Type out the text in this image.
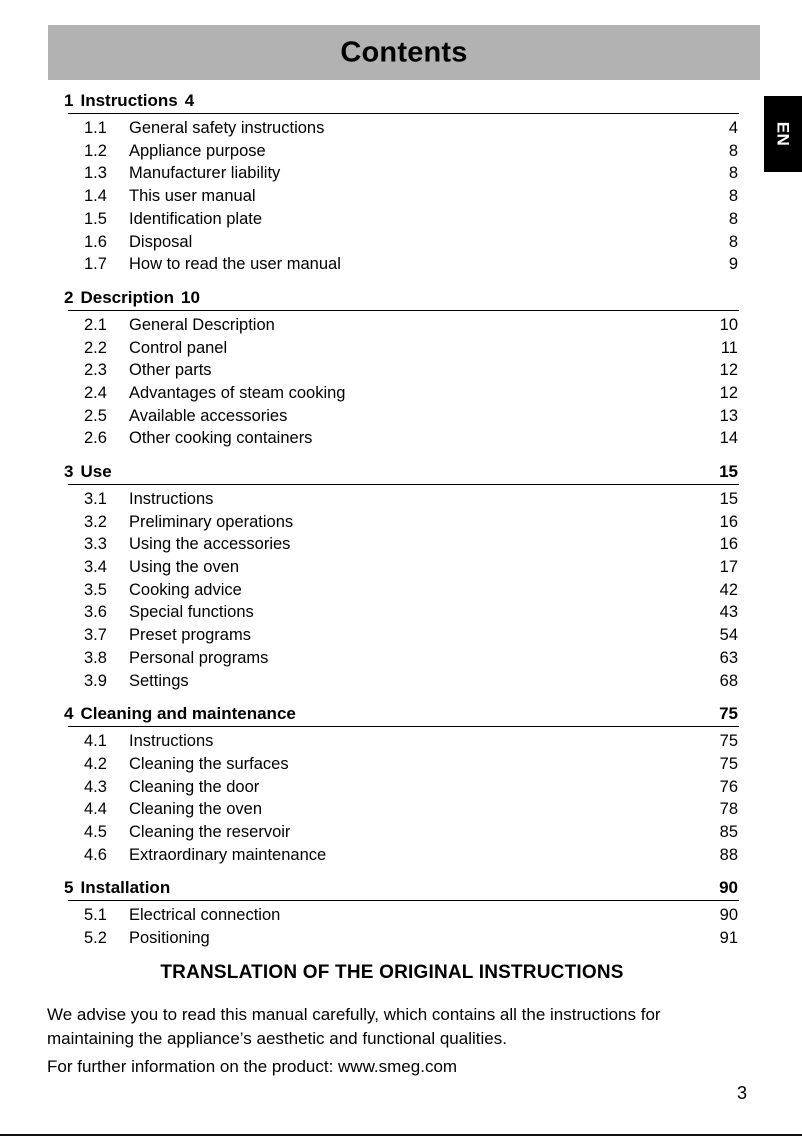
Contents
EN
1 Instructions 4
1.1	General safety instructions	4
1.2	Appliance purpose	8
1.3	Manufacturer liability	8
1.4	This user manual	8
1.5	Identification plate	8
1.6	Disposal	8
1.7	How to read the user manual	9
2 Description 10
2.1	General Description	10
2.2	Control panel	11
2.3	Other parts	12
2.4	Advantages of steam cooking	12
2.5	Available accessories	13
2.6	Other cooking containers	14
3 Use	15
3.1	Instructions	15
3.2	Preliminary operations	16
3.3	Using the accessories	16
3.4	Using the oven	17
3.5	Cooking advice	42
3.6	Special functions	43
3.7	Preset programs	54
3.8	Personal programs	63
3.9	Settings	68
4 Cleaning and maintenance	75
4.1	Instructions	75
4.2	Cleaning the surfaces	75
4.3	Cleaning the door	76
4.4	Cleaning the oven	78
4.5	Cleaning the reservoir	85
4.6	Extraordinary maintenance	88
5 Installation	90
5.1	Electrical connection	90
5.2	Positioning	91
TRANSLATION OF THE ORIGINAL INSTRUCTIONS

We advise you to read this manual carefully, which contains all the instructions for maintaining the appliance’s aesthetic and functional qualities.

For further information on the product: www.smeg.com

3
